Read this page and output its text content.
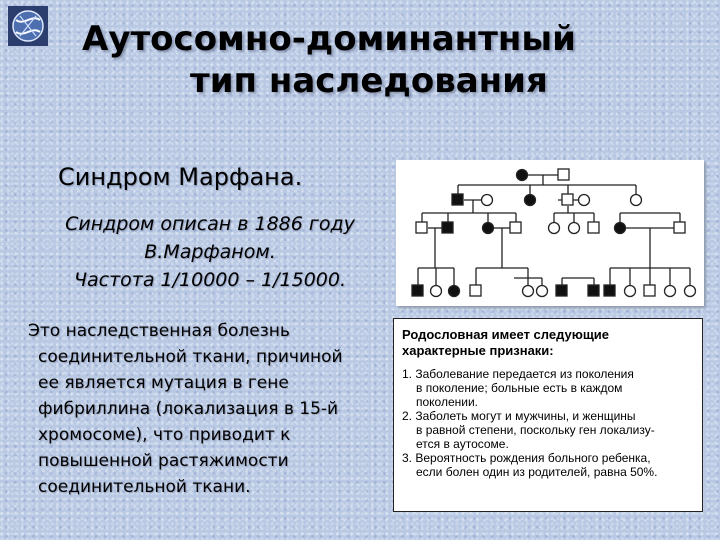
Аутосомно-доминантный
тип наследования

Синдром Марфана.

Синдром описан в 1886 году
В.Марфаном.
Частота 1/10000 – 1/15000.

Это наследственная болезнь
соединительной ткани, причиной
ее является мутация в гене
фибриллина (локализация в 15-й
хромосоме), что приводит к
повышенной растяжимости
соединительной ткани.

Родословная имеет следующие
характерные признаки:

1. Заболевание передается из поколения
в поколение; больные есть в каждом
поколении.
2. Заболеть могут и мужчины, и женщины
в равной степени, поскольку ген локализу-
ется в аутосоме.
3. Вероятность рождения больного ребенка,
если болен один из родителей, равна 50%.
